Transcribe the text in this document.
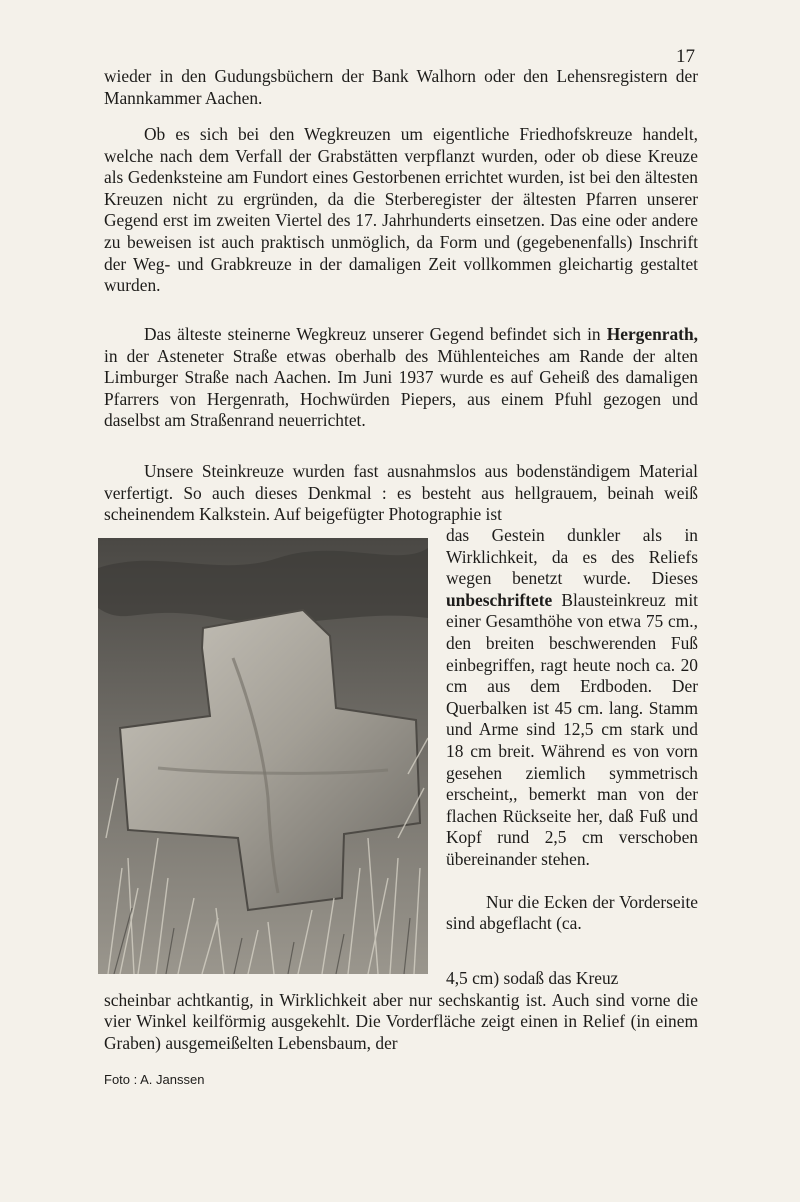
17

wieder in den Gudungsbüchern der Bank Walhorn oder den Lehensregistern der Mannkammer Aachen.

Ob es sich bei den Wegkreuzen um eigentliche Friedhofskreuze handelt, welche nach dem Verfall der Grabstätten verpflanzt wurden, oder ob diese Kreuze als Gedenksteine am Fundort eines Gestorbenen errichtet wurden, ist bei den ältesten Kreuzen nicht zu ergründen, da die Sterberegister der ältesten Pfarren unserer Gegend erst im zweiten Viertel des 17. Jahrhunderts einsetzen. Das eine oder andere zu beweisen ist auch praktisch unmöglich, da Form und (gegebenenfalls) Inschrift der Weg- und Grabkreuze in der damaligen Zeit vollkommen gleichartig gestaltet wurden.

Das älteste steinerne Wegkreuz unserer Gegend befindet sich in Hergenrath, in der Asteneter Straße etwas oberhalb des Mühlenteiches am Rande der alten Limburger Straße nach Aachen. Im Juni 1937 wurde es auf Geheiß des damaligen Pfarrers von Hergenrath, Hochwürden Piepers, aus einem Pfuhl gezogen und daselbst am Straßenrand neuerrichtet.

Unsere Steinkreuze wurden fast ausnahmslos aus bodenständigem Material verfertigt. So auch dieses Denkmal : es besteht aus hellgrauem, beinah weiß scheinendem Kalkstein. Auf beigefügter Photographie ist

das Gestein dunkler als in Wirklichkeit, da es des Reliefs wegen benetzt wurde. Dieses unbeschriftete Blausteinkreuz mit einer Gesamthöhe von etwa 75 cm., den breiten beschwerenden Fuß einbegriffen, ragt heute noch ca. 20 cm aus dem Erdboden. Der Querbalken ist 45 cm. lang. Stamm und Arme sind 12,5 cm stark und 18 cm breit. Während es von vorn gesehen ziemlich symmetrisch erscheint,, bemerkt man von der flachen Rückseite her, daß Fuß und Kopf rund 2,5 cm verschoben übereinander stehen.

Nur die Ecken der Vorderseite sind abgeflacht (ca.

4,5 cm) sodaß das Kreuz
scheinbar achtkantig, in Wirklichkeit aber nur sechskantig ist. Auch sind vorne die vier Winkel keilförmig ausgekehlt. Die Vorderfläche zeigt einen in Relief (in einem Graben) ausgemeißelten Lebensbaum, der
Foto : A. Janssen
